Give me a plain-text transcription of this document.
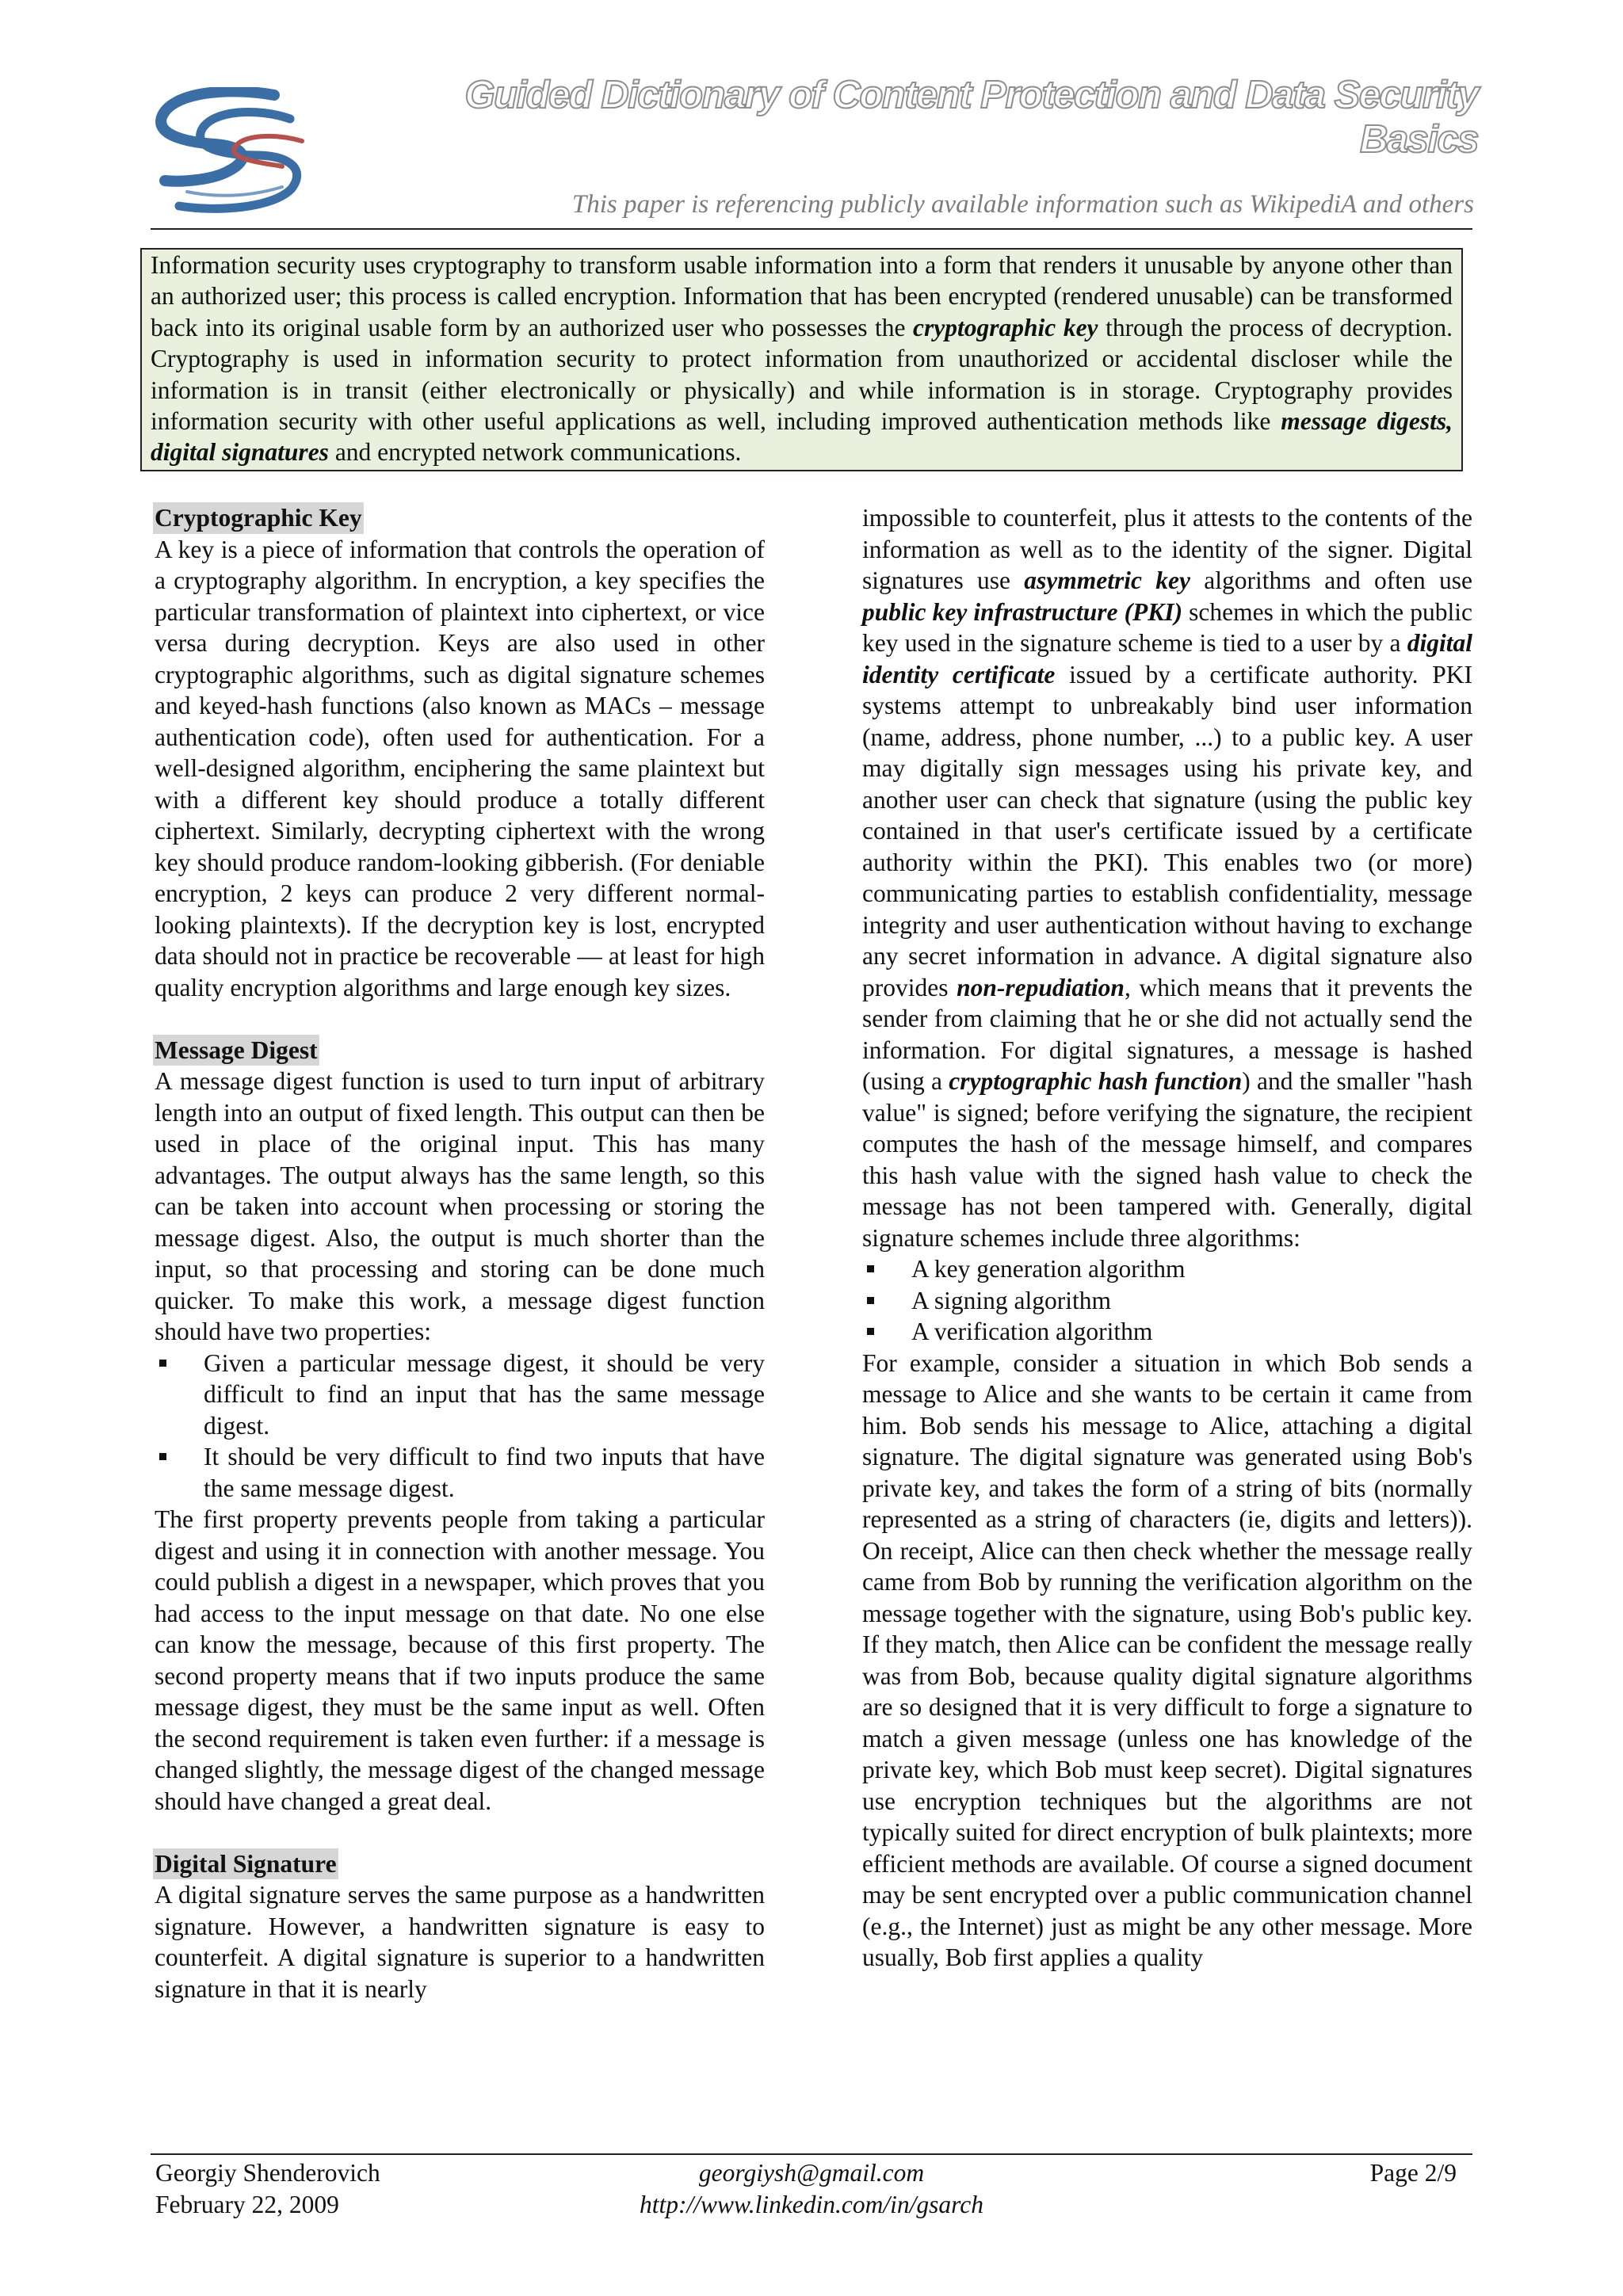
Guided Dictionary of Content Protection and Data Security Basics
This paper is referencing publicly available information such as WikipediA and others

Information security uses cryptography to transform usable information into a form that renders it unusable by anyone other than an authorized user; this process is called encryption. Information that has been encrypted (rendered unusable) can be transformed back into its original usable form by an authorized user who possesses the cryptographic key through the process of decryption. Cryptography is used in information security to protect information from unauthorized or accidental discloser while the information is in transit (either electronically or physically) and while information is in storage. Cryptography provides information security with other useful applications as well, including improved authentication methods like message digests, digital signatures and encrypted network communications.

Cryptographic Key

A key is a piece of information that controls the operation of a cryptography algorithm. In encryption, a key specifies the particular transformation of plaintext into ciphertext, or vice versa during decryption. Keys are also used in other cryptographic algorithms, such as digital signature schemes and keyed-hash functions (also known as MACs – message authentication code), often used for authentication. For a well-designed algorithm, enciphering the same plaintext but with a different key should produce a totally different ciphertext. Similarly, decrypting ciphertext with the wrong key should produce random-looking gibberish. (For deniable encryption, 2 keys can produce 2 very different normal-looking plaintexts). If the decryption key is lost, encrypted data should not in practice be recoverable — at least for high quality encryption algorithms and large enough key sizes.

Message Digest

A message digest function is used to turn input of arbitrary length into an output of fixed length. This output can then be used in place of the original input. This has many advantages. The output always has the same length, so this can be taken into account when processing or storing the message digest. Also, the output is much shorter than the input, so that processing and storing can be done much quicker. To make this work, a message digest function should have two properties:

Given a particular message digest, it should be very difficult to find an input that has the same message digest.
It should be very difficult to find two inputs that have the same message digest.

The first property prevents people from taking a particular digest and using it in connection with another message. You could publish a digest in a newspaper, which proves that you had access to the input message on that date. No one else can know the message, because of this first property. The second property means that if two inputs produce the same message digest, they must be the same input as well. Often the second requirement is taken even further: if a message is changed slightly, the message digest of the changed message should have changed a great deal.

Digital Signature

A digital signature serves the same purpose as a handwritten signature. However, a handwritten signature is easy to counterfeit. A digital signature is superior to a handwritten signature in that it is nearly

impossible to counterfeit, plus it attests to the contents of the information as well as to the identity of the signer. Digital signatures use asymmetric key algorithms and often use public key infrastructure (PKI) schemes in which the public key used in the signature scheme is tied to a user by a digital identity certificate issued by a certificate authority. PKI systems attempt to unbreakably bind user information (name, address, phone number, ...) to a public key. A user may digitally sign messages using his private key, and another user can check that signature (using the public key contained in that user's certificate issued by a certificate authority within the PKI). This enables two (or more) communicating parties to establish confidentiality, message integrity and user authentication without having to exchange any secret information in advance. A digital signature also provides non-repudiation, which means that it prevents the sender from claiming that he or she did not actually send the information. For digital signatures, a message is hashed (using a cryptographic hash function) and the smaller "hash value" is signed; before verifying the signature, the recipient computes the hash of the message himself, and compares this hash value with the signed hash value to check the message has not been tampered with. Generally, digital signature schemes include three algorithms:

A key generation algorithm
A signing algorithm
A verification algorithm

For example, consider a situation in which Bob sends a message to Alice and she wants to be certain it came from him. Bob sends his message to Alice, attaching a digital signature. The digital signature was generated using Bob's private key, and takes the form of a string of bits (normally represented as a string of characters (ie, digits and letters)). On receipt, Alice can then check whether the message really came from Bob by running the verification algorithm on the message together with the signature, using Bob's public key. If they match, then Alice can be confident the message really was from Bob, because quality digital signature algorithms are so designed that it is very difficult to forge a signature to match a given message (unless one has knowledge of the private key, which Bob must keep secret). Digital signatures use encryption techniques but the algorithms are not typically suited for direct encryption of bulk plaintexts; more efficient methods are available. Of course a signed document may be sent encrypted over a public communication channel (e.g., the Internet) just as might be any other message. More usually, Bob first applies a quality

Georgiy Shenderovich
February 22, 2009
georgiysh@gmail.com
http://www.linkedin.com/in/gsarch
Page 2/9
